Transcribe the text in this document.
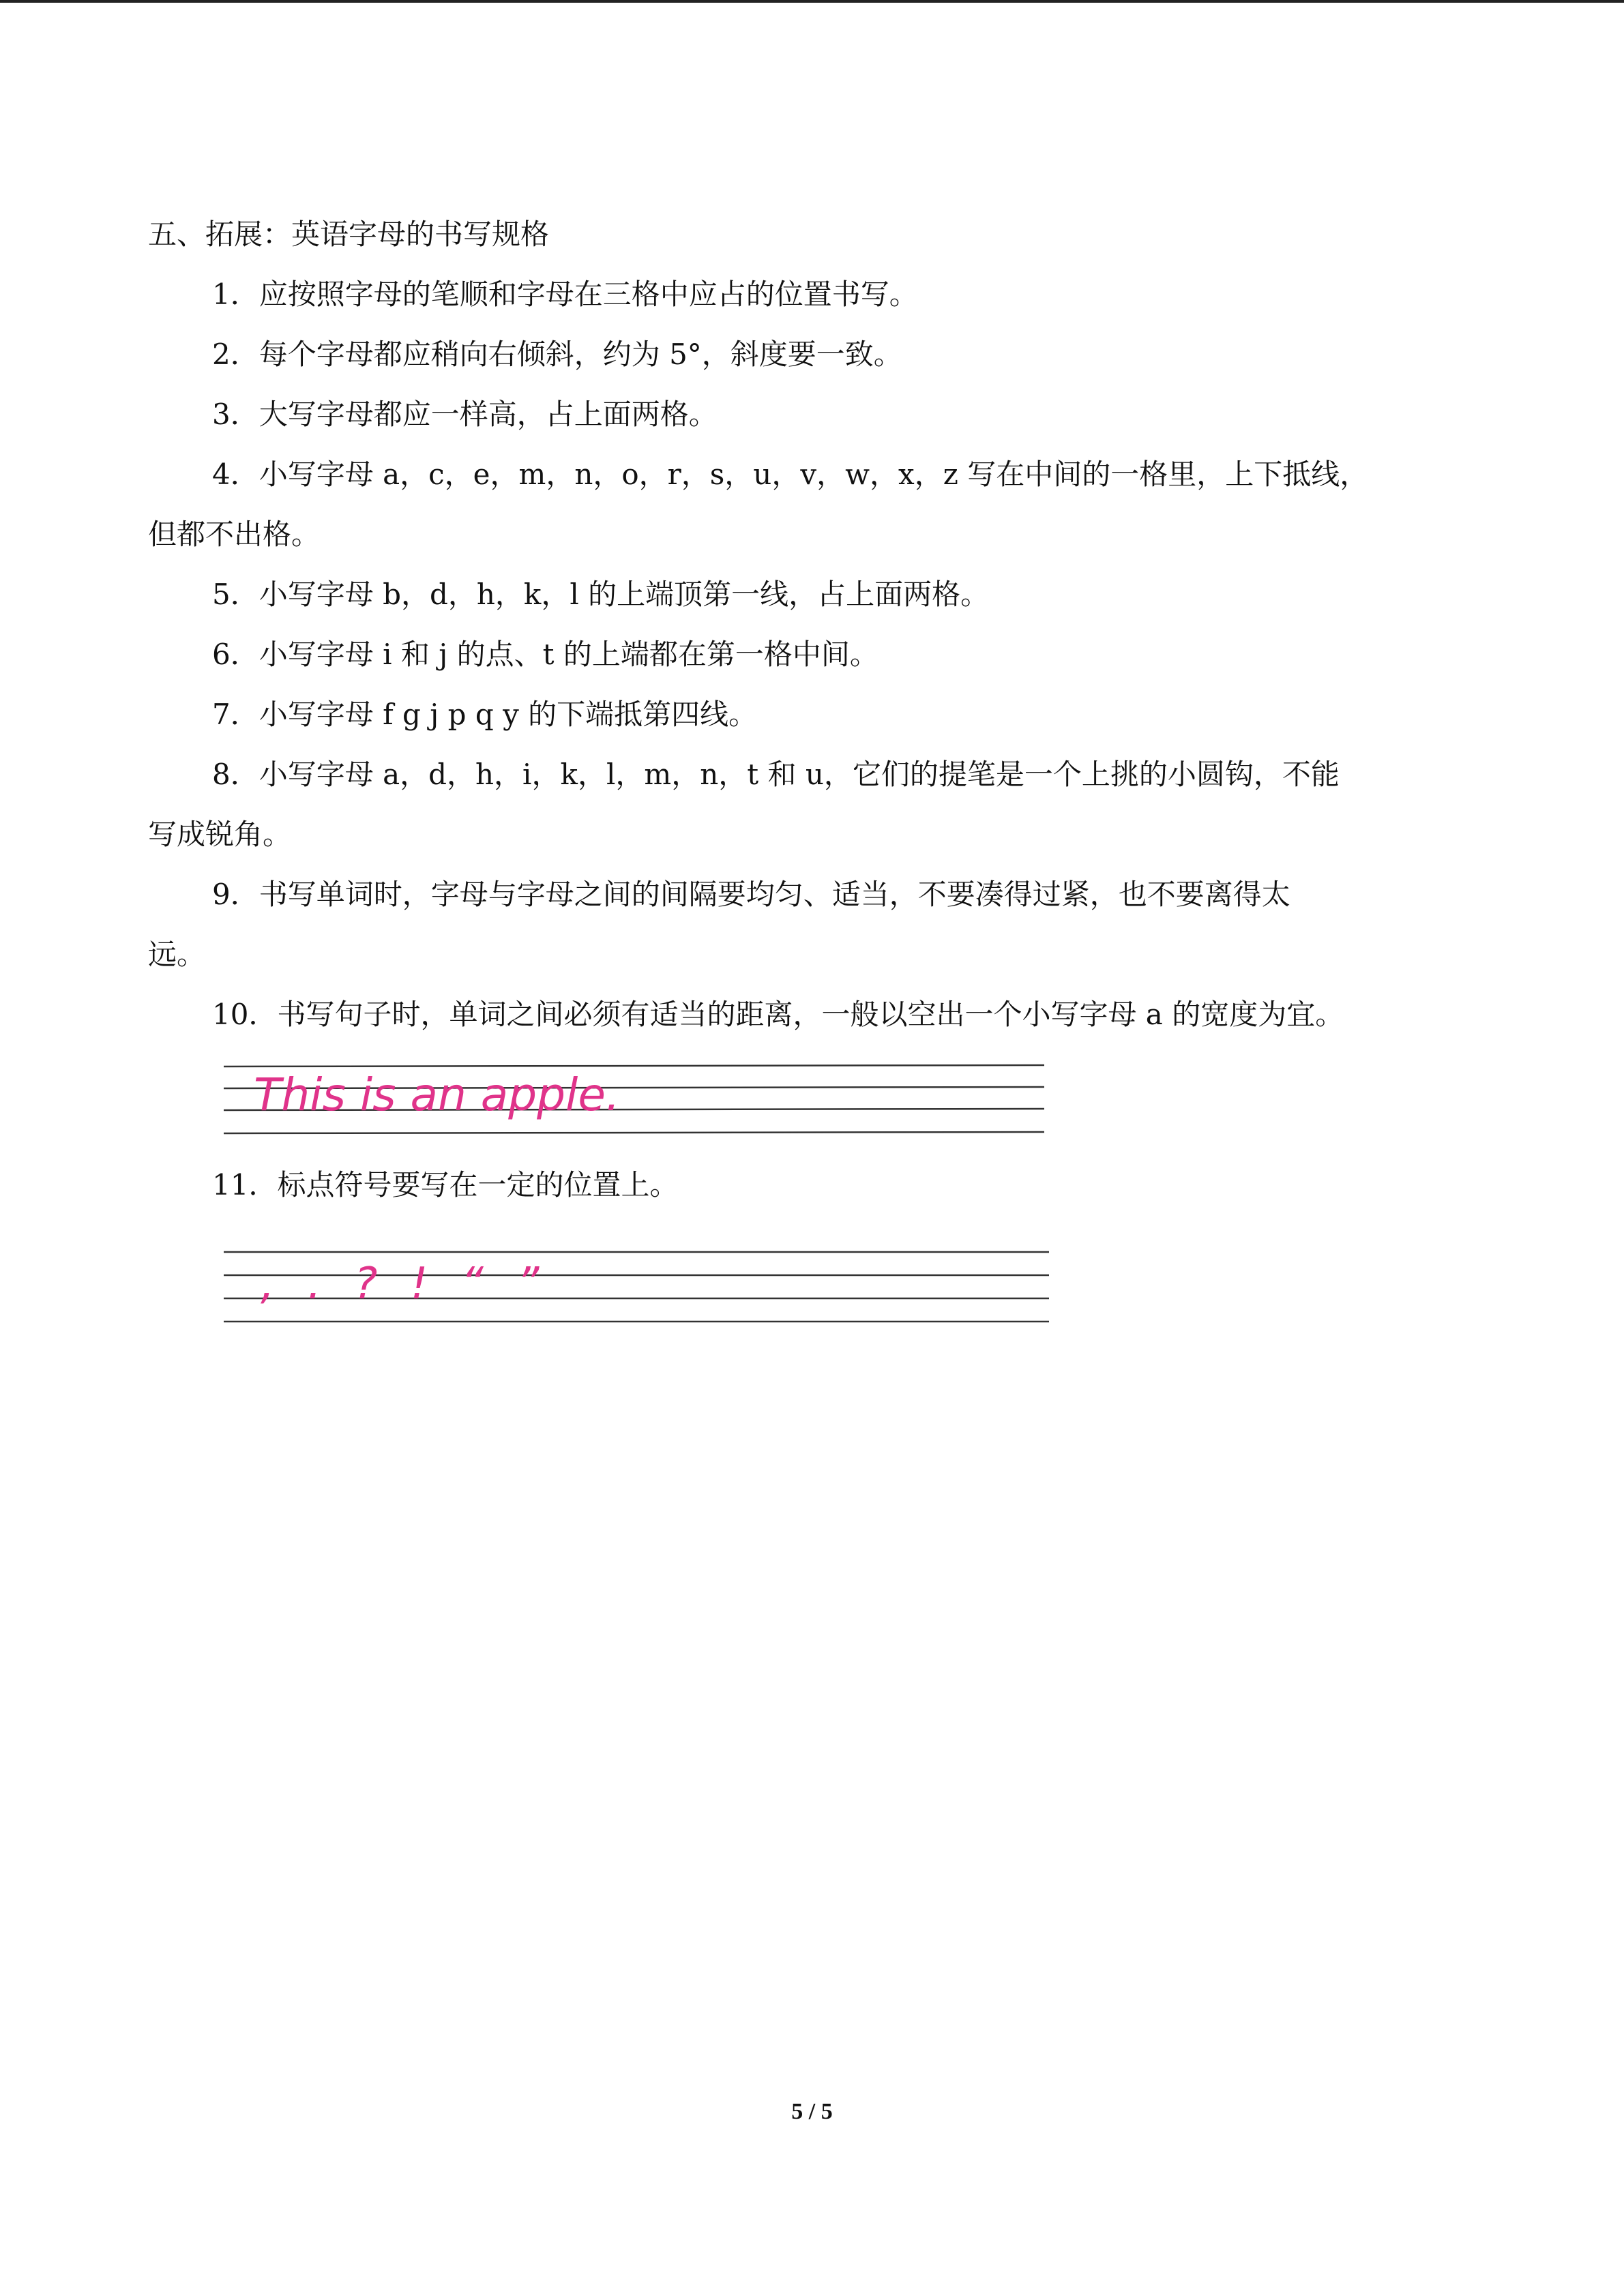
五、拓展：英语字母的书写规格

1．应按照字母的笔顺和字母在三格中应占的位置书写。

2．每个字母都应稍向右倾斜，约为 5°，斜度要一致。

3．大写字母都应一样高，占上面两格。

4．小写字母 a，c，e，m，n，o，r，s，u，v，w，x，z 写在中间的一格里，上下抵线，

但都不出格。

5．小写字母 b，d，h，k，l 的上端顶第一线，占上面两格。

6．小写字母 i 和 j 的点、t 的上端都在第一格中间。

7．小写字母 f g j p q y 的下端抵第四线。

8．小写字母 a，d，h，i，k，l，m，n，t 和 u，它们的提笔是一个上挑的小圆钩，不能

写成锐角。

9．书写单词时，字母与字母之间的间隔要均匀、适当，不要凑得过紧，也不要离得太

远。

10．书写句子时，单词之间必须有适当的距离，一般以空出一个小写字母 a 的宽度为宜。

This is an apple.

11．标点符号要写在一定的位置上。

, . ? ! “ ”
5 / 5
